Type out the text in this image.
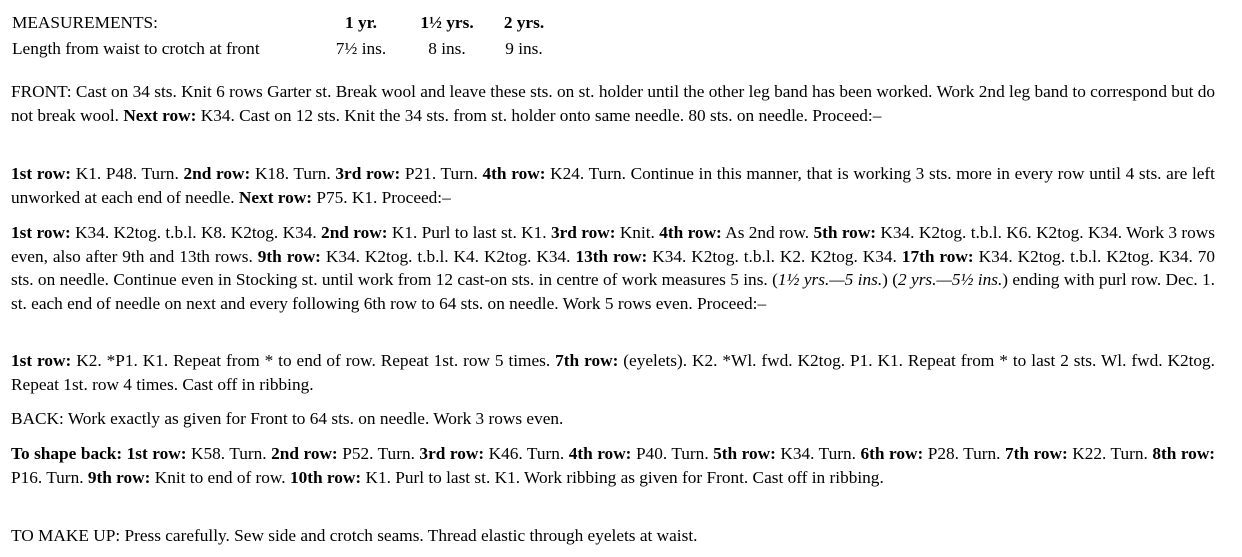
MEASUREMENTS:	1 yr.	1½ yrs.	2 yrs.
Length from waist to crotch at front	7½ ins.	8 ins.	9 ins.

FRONT: Cast on 34 sts. Knit 6 rows Garter st. Break wool and leave these sts. on st. holder until the other leg band has been worked. Work 2nd leg band to correspond but do not break wool. Next row: K34. Cast on 12 sts. Knit the 34 sts. from st. holder onto same needle. 80 sts. on needle. Proceed:–

1st row: K1. P48. Turn. 2nd row: K18. Turn. 3rd row: P21. Turn. 4th row: K24. Turn. Continue in this manner, that is working 3 sts. more in every row until 4 sts. are left unworked at each end of needle. Next row: P75. K1. Proceed:–

1st row: K34. K2tog. t.b.l. K8. K2tog. K34. 2nd row: K1. Purl to last st. K1. 3rd row: Knit. 4th row: As 2nd row. 5th row: K34. K2tog. t.b.l. K6. K2tog. K34. Work 3 rows even, also after 9th and 13th rows. 9th row: K34. K2tog. t.b.l. K4. K2tog. K34. 13th row: K34. K2tog. t.b.l. K2. K2tog. K34. 17th row: K34. K2tog. t.b.l. K2tog. K34. 70 sts. on needle. Continue even in Stocking st. until work from 12 cast-on sts. in centre of work measures 5 ins. (1½ yrs.—5 ins.) (2 yrs.—5½ ins.) ending with purl row. Dec. 1. st. each end of needle on next and every following 6th row to 64 sts. on needle. Work 5 rows even. Proceed:–

1st row: K2. *P1. K1. Repeat from * to end of row. Repeat 1st. row 5 times. 7th row: (eyelets). K2. *Wl. fwd. K2tog. P1. K1. Repeat from * to last 2 sts. Wl. fwd. K2tog. Repeat 1st. row 4 times. Cast off in ribbing.

BACK: Work exactly as given for Front to 64 sts. on needle. Work 3 rows even.

To shape back: 1st row: K58. Turn. 2nd row: P52. Turn. 3rd row: K46. Turn. 4th row: P40. Turn. 5th row: K34. Turn. 6th row: P28. Turn. 7th row: K22. Turn. 8th row: P16. Turn. 9th row: Knit to end of row. 10th row: K1. Purl to last st. K1. Work ribbing as given for Front. Cast off in ribbing.

TO MAKE UP: Press carefully. Sew side and crotch seams. Thread elastic through eyelets at waist.
